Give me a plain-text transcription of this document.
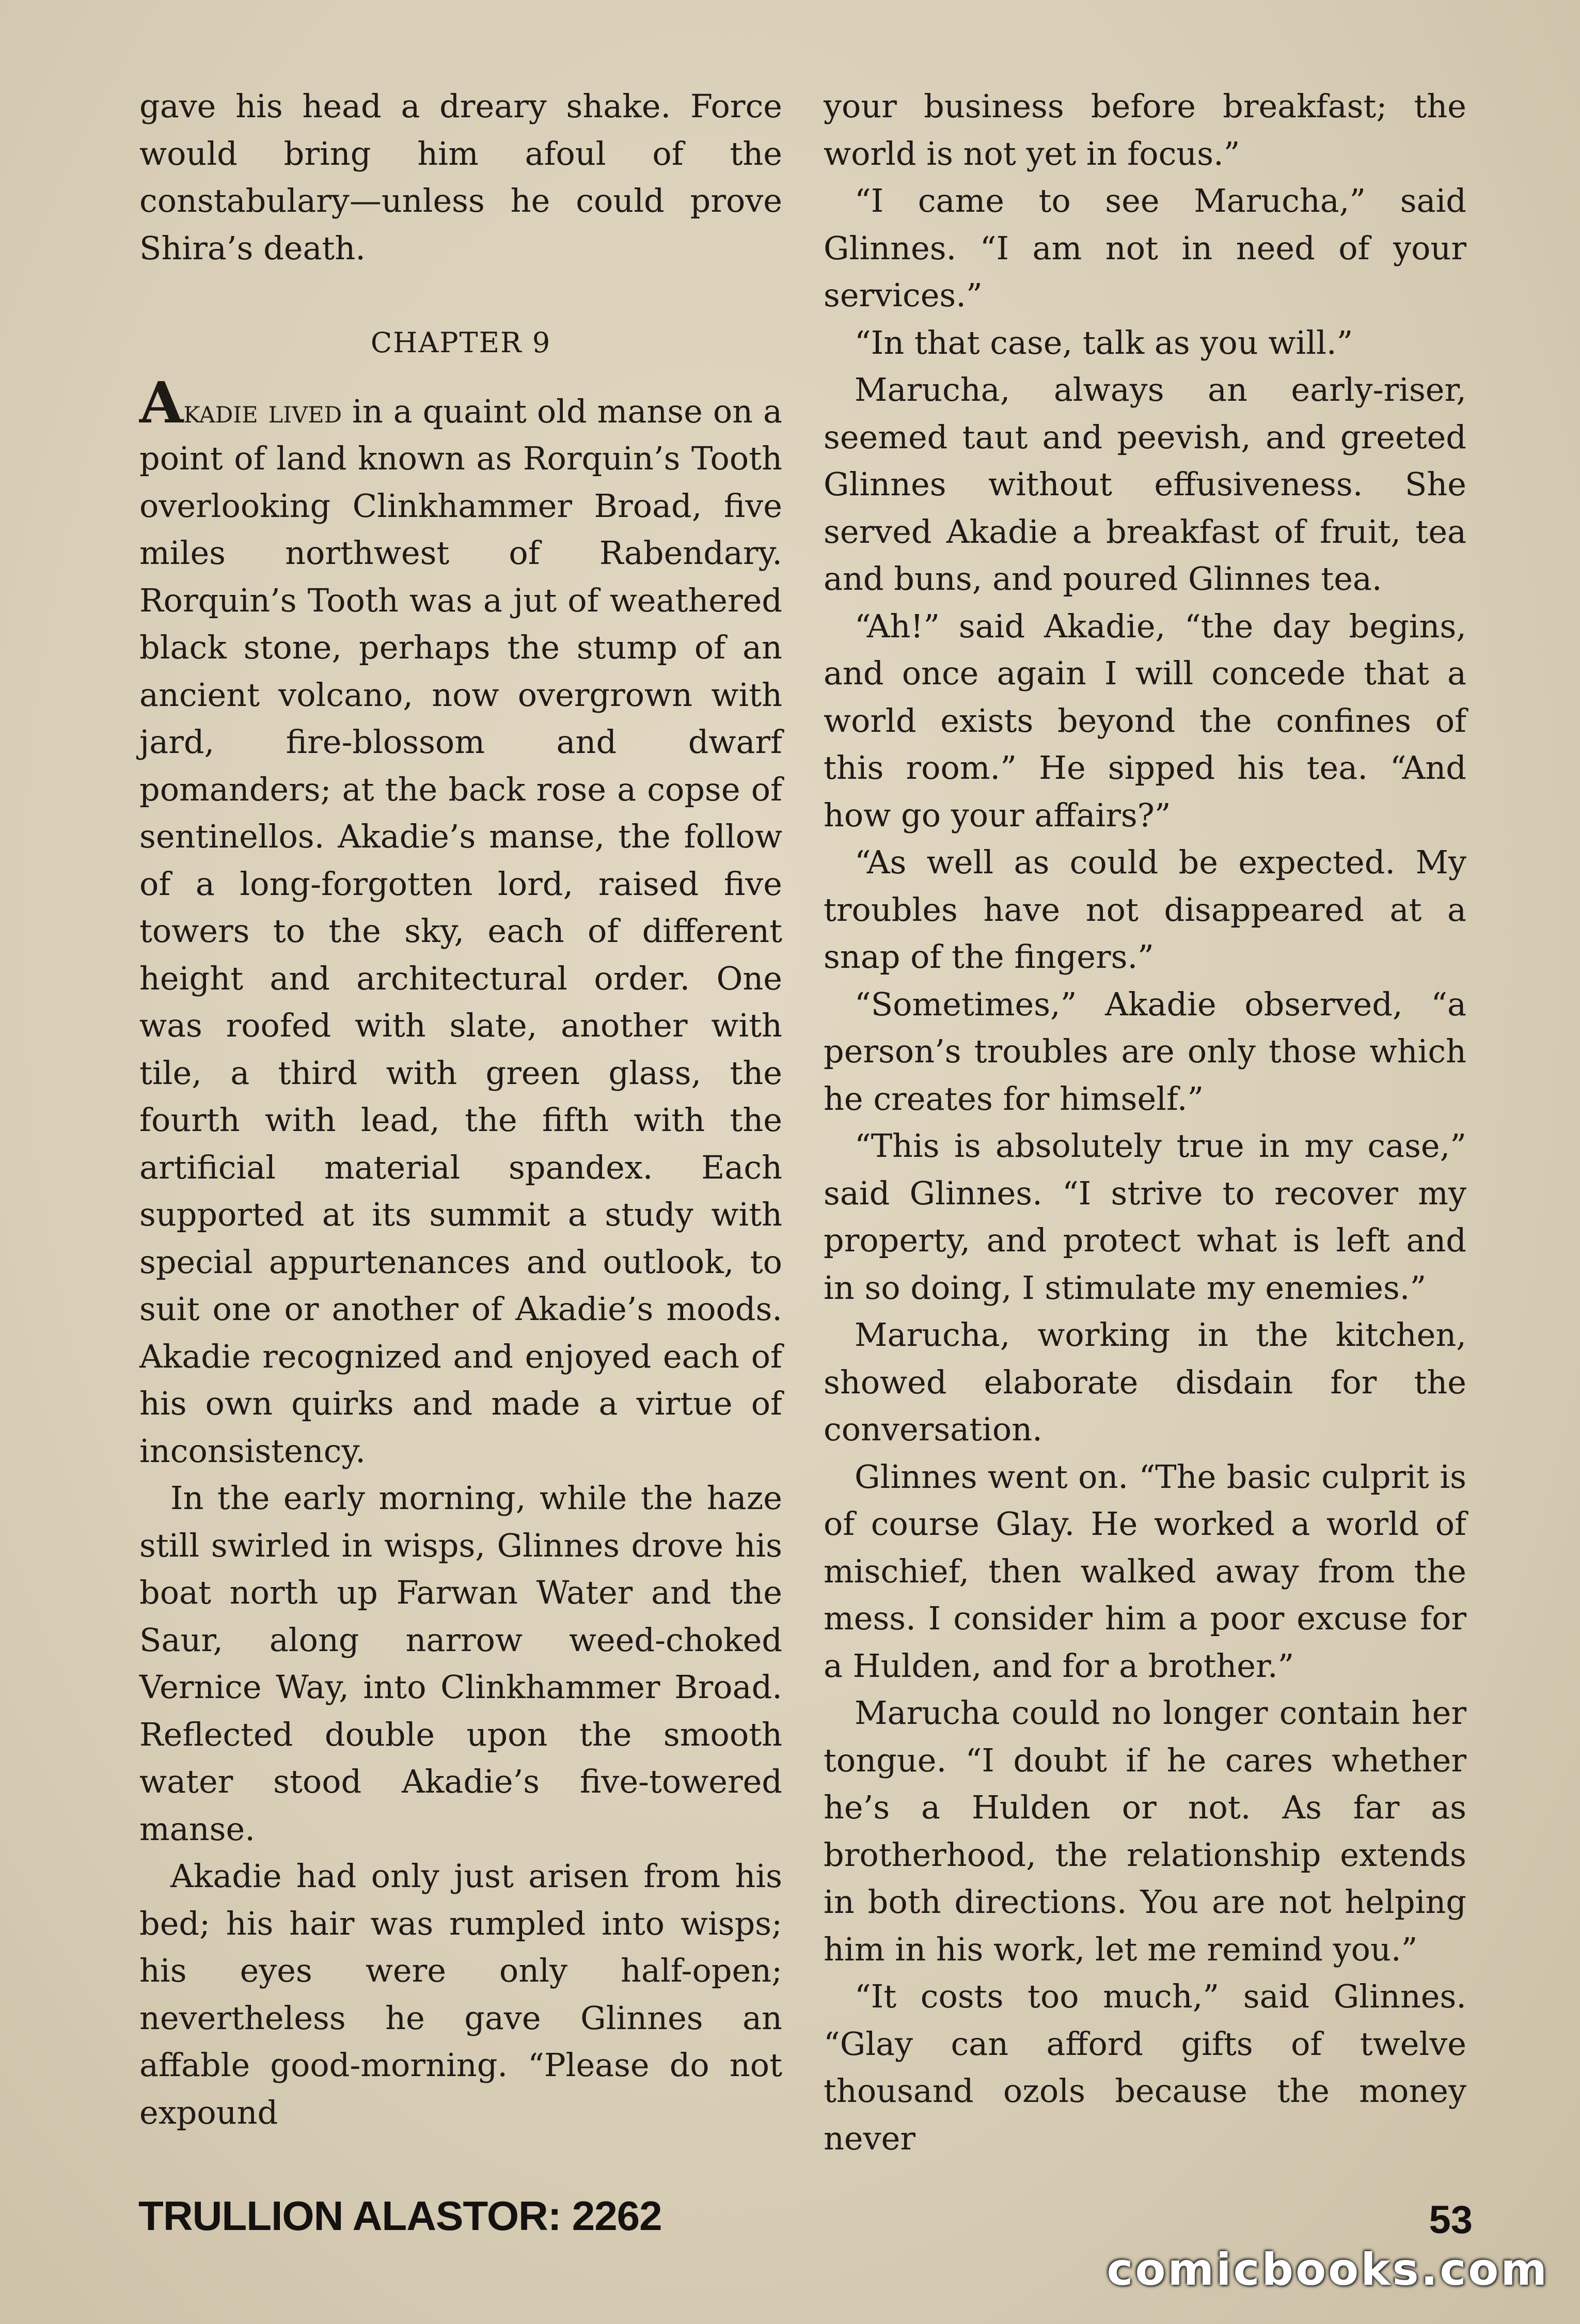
gave his head a dreary shake. Force would bring him afoul of the constabulary—unless he could prove Shira’s death.

CHAPTER 9

Akadie lived in a quaint old manse on a point of land known as Rorquin’s Tooth overlooking Clinkhammer Broad, five miles northwest of Rabendary. Rorquin’s Tooth was a jut of weathered black stone, perhaps the stump of an ancient volcano, now overgrown with jard, fire-blossom and dwarf pomanders; at the back rose a copse of sentinellos. Akadie’s manse, the follow of a long-forgotten lord, raised five towers to the sky, each of different height and architectural order. One was roofed with slate, another with tile, a third with green glass, the fourth with lead, the fifth with the artificial material spandex. Each supported at its summit a study with special appurtenances and outlook, to suit one or another of Akadie’s moods. Akadie recognized and enjoyed each of his own quirks and made a virtue of inconsistency.

In the early morning, while the haze still swirled in wisps, Glinnes drove his boat north up Farwan Water and the Saur, along narrow weed-choked Vernice Way, into Clinkhammer Broad. Reflected double upon the smooth water stood Akadie’s five-towered manse.

Akadie had only just arisen from his bed; his hair was rumpled into wisps; his eyes were only half-open; nevertheless he gave Glinnes an affable good-morning. “Please do not expound

your business before breakfast; the world is not yet in focus.”

“I came to see Marucha,” said Glinnes. “I am not in need of your services.”

“In that case, talk as you will.”

Marucha, always an early-riser, seemed taut and peevish, and greeted Glinnes without effusiveness. She served Akadie a breakfast of fruit, tea and buns, and poured Glinnes tea.

“Ah!” said Akadie, “the day begins, and once again I will concede that a world exists beyond the confines of this room.” He sipped his tea. “And how go your affairs?”

“As well as could be expected. My troubles have not disappeared at a snap of the fingers.”

“Sometimes,” Akadie observed, “a person’s troubles are only those which he creates for himself.”

“This is absolutely true in my case,” said Glinnes. “I strive to recover my property, and protect what is left and in so doing, I stimulate my enemies.”

Marucha, working in the kitchen, showed elaborate disdain for the conversation.

Glinnes went on. “The basic culprit is of course Glay. He worked a world of mischief, then walked away from the mess. I consider him a poor excuse for a Hulden, and for a brother.”

Marucha could no longer contain her tongue. “I doubt if he cares whether he’s a Hulden or not. As far as brotherhood, the relationship extends in both directions. You are not helping him in his work, let me remind you.”

“It costs too much,” said Glinnes. “Glay can afford gifts of twelve thousand ozols because the money never

TRULLION ALASTOR: 2262	53
comicbooks.com
